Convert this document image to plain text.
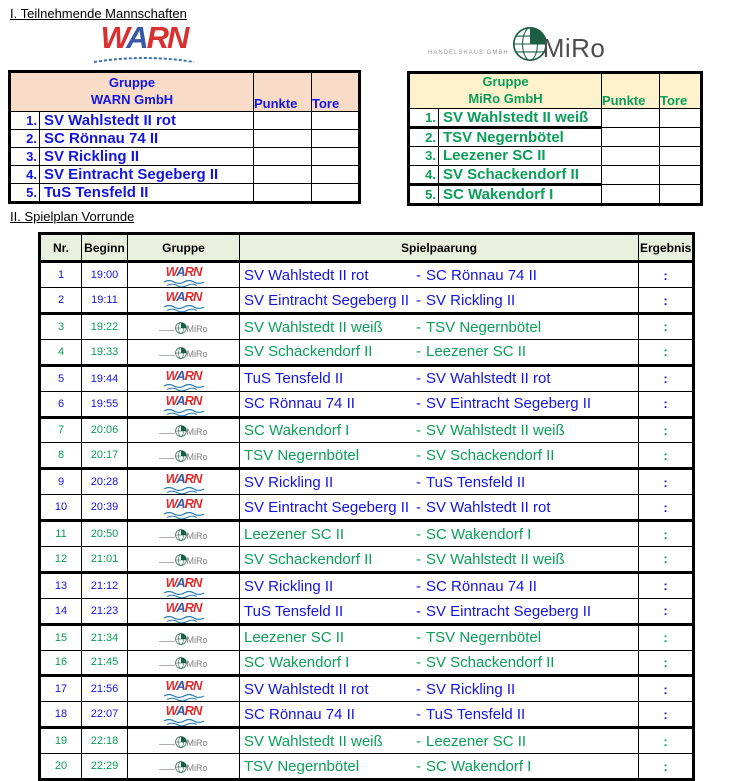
I. Teilnehmende Mannschaften
WARN	HANDELSHAUS GMBH MiRo
Gruppe
WARN GmbH		Punkte	Tore
1.	SV Wahlstedt II rot		
2.	SC Rönnau 74 II		
3.	SV Rickling II		
4.	SV Eintracht Segeberg II		
5.	TuS Tensfeld II		
Gruppe
MiRo GmbH		Punkte	Tore
1.	SV Wahlstedt II weiß		
2.	TSV Negernbötel		
3.	Leezener SC II		
4.	SV Schackendorf II		
5.	SC Wakendorf I		
II. Spielplan Vorrunde
Nr.	Beginn	Gruppe	Spielpaarung	Ergebnis
1	19:00	WARN	SV Wahlstedt II rot - SC Rönnau 74 II	:
2	19:11	WARN	SV Eintracht Segeberg II - SV Rickling II	:
3	19:22	MiRo	SV Wahlstedt II weiß - TSV Negernbötel	:
4	19:33	MiRo	SV Schackendorf II - Leezener SC II	:
5	19:44	WARN	TuS Tensfeld II - SV Wahlstedt II rot	:
6	19:55	WARN	SC Rönnau 74 II - SV Eintracht Segeberg II	:
7	20:06	MiRo	SC Wakendorf I - SV Wahlstedt II weiß	:
8	20:17	MiRo	TSV Negernbötel - SV Schackendorf II	:
9	20:28	WARN	SV Rickling II - TuS Tensfeld II	:
10	20:39	WARN	SV Eintracht Segeberg II - SV Wahlstedt II rot	:
11	20:50	MiRo	Leezener SC II - SC Wakendorf I	:
12	21:01	MiRo	SV Schackendorf II - SV Wahlstedt II weiß	:
13	21:12	WARN	SV Rickling II - SC Rönnau 74 II	:
14	21:23	WARN	TuS Tensfeld II - SV Eintracht Segeberg II	:
15	21:34	MiRo	Leezener SC II - TSV Negernbötel	:
16	21:45	MiRo	SC Wakendorf I - SV Schackendorf II	:
17	21:56	WARN	SV Wahlstedt II rot - SV Rickling II	:
18	22:07	WARN	SC Rönnau 74 II - TuS Tensfeld II	:
19	22:18	MiRo	SV Wahlstedt II weiß - Leezener SC II	:
20	22:29	MiRo	TSV Negernbötel - SC Wakendorf I	:
